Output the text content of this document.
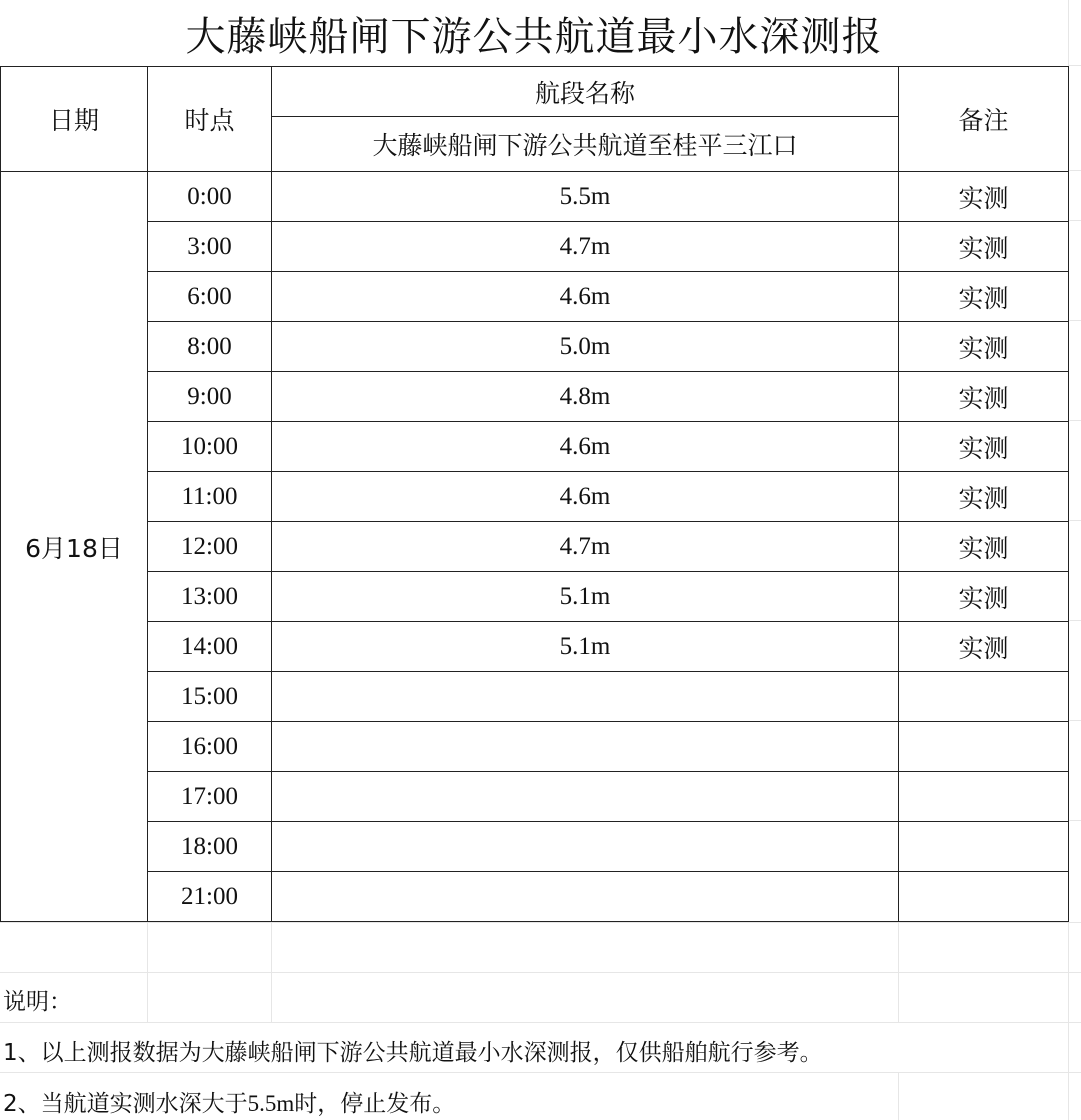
大藤峡船闸下游公共航道最小水深测报
日期	时点	航段名称	备注
		大藤峡船闸下游公共航道至桂平三江口	
6月18日	0:00	5.5m	实测
	3:00	4.7m	实测
	6:00	4.6m	实测
	8:00	5.0m	实测
	9:00	4.8m	实测
	10:00	4.6m	实测
	11:00	4.6m	实测
	12:00	4.7m	实测
	13:00	5.1m	实测
	14:00	5.1m	实测
	15:00		
	16:00		
	17:00		
	18:00		
	21:00		
说明：
1、以上测报数据为大藤峡船闸下游公共航道最小水深测报，仅供船舶航行参考。
2、当航道实测水深大于5.5m时，停止发布。
